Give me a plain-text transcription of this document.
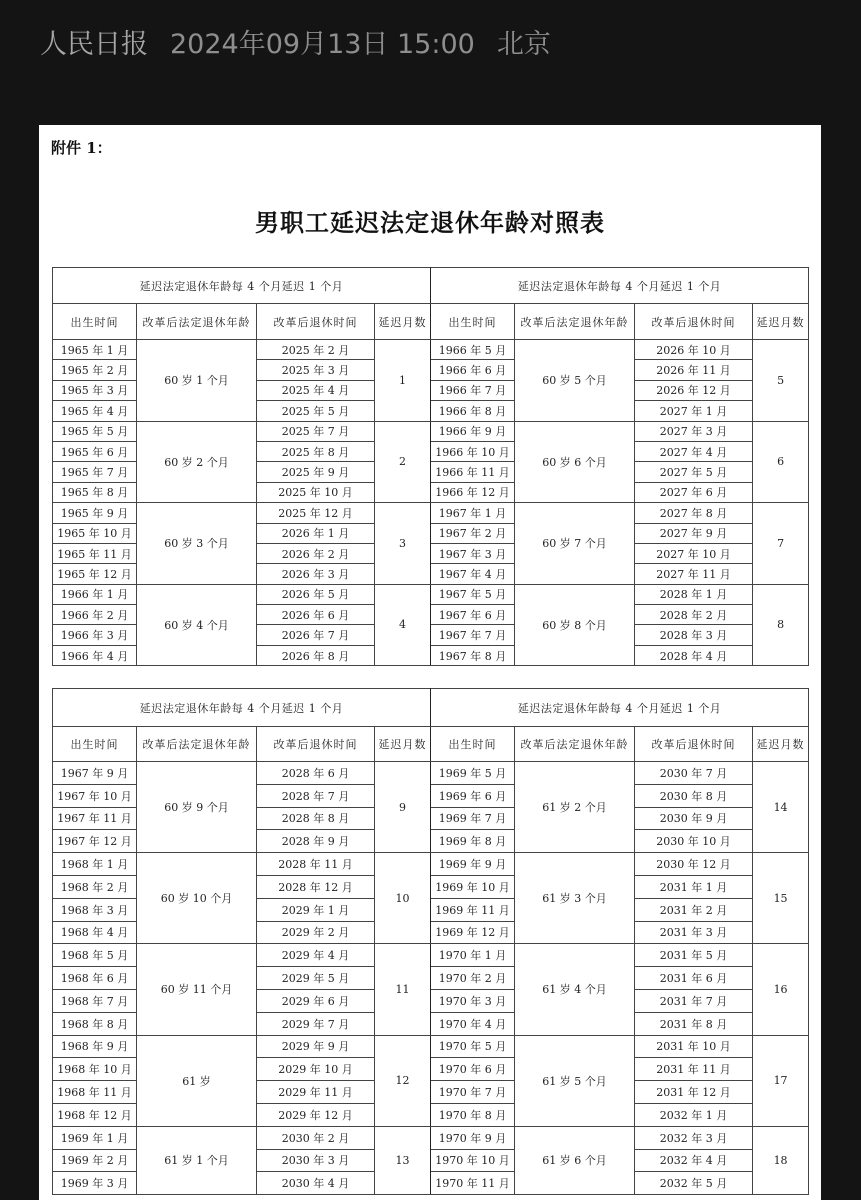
人民日报 2024年09月13日 15:00 北京
附件 1：
男职工延迟法定退休年龄对照表
延迟法定退休年龄每 4 个月延迟 1 个月				延迟法定退休年龄每 4 个月延迟 1 个月			
出生时间	改革后法定退休年龄	改革后退休时间	延迟月数	出生时间	改革后法定退休年龄	改革后退休时间	延迟月数
1965 年 1 月	60 岁 1 个月	2025 年 2 月	1	1966 年 5 月	60 岁 5 个月	2026 年 10 月	5
1965 年 2 月		2025 年 3 月		1966 年 6 月		2026 年 11 月	
1965 年 3 月		2025 年 4 月		1966 年 7 月		2026 年 12 月	
1965 年 4 月		2025 年 5 月		1966 年 8 月		2027 年 1 月	
1965 年 5 月	60 岁 2 个月	2025 年 7 月	2	1966 年 9 月	60 岁 6 个月	2027 年 3 月	6
1965 年 6 月		2025 年 8 月		1966 年 10 月		2027 年 4 月	
1965 年 7 月		2025 年 9 月		1966 年 11 月		2027 年 5 月	
1965 年 8 月		2025 年 10 月		1966 年 12 月		2027 年 6 月	
1965 年 9 月	60 岁 3 个月	2025 年 12 月	3	1967 年 1 月	60 岁 7 个月	2027 年 8 月	7
1965 年 10 月		2026 年 1 月		1967 年 2 月		2027 年 9 月	
1965 年 11 月		2026 年 2 月		1967 年 3 月		2027 年 10 月	
1965 年 12 月		2026 年 3 月		1967 年 4 月		2027 年 11 月	
1966 年 1 月	60 岁 4 个月	2026 年 5 月	4	1967 年 5 月	60 岁 8 个月	2028 年 1 月	8
1966 年 2 月		2026 年 6 月		1967 年 6 月		2028 年 2 月	
1966 年 3 月		2026 年 7 月		1967 年 7 月		2028 年 3 月	
1966 年 4 月		2026 年 8 月		1967 年 8 月		2028 年 4 月	
延迟法定退休年龄每 4 个月延迟 1 个月				延迟法定退休年龄每 4 个月延迟 1 个月			
出生时间	改革后法定退休年龄	改革后退休时间	延迟月数	出生时间	改革后法定退休年龄	改革后退休时间	延迟月数
1967 年 9 月	60 岁 9 个月	2028 年 6 月	9	1969 年 5 月	61 岁 2 个月	2030 年 7 月	14
1967 年 10 月		2028 年 7 月		1969 年 6 月		2030 年 8 月	
1967 年 11 月		2028 年 8 月		1969 年 7 月		2030 年 9 月	
1967 年 12 月		2028 年 9 月		1969 年 8 月		2030 年 10 月	
1968 年 1 月	60 岁 10 个月	2028 年 11 月	10	1969 年 9 月	61 岁 3 个月	2030 年 12 月	15
1968 年 2 月		2028 年 12 月		1969 年 10 月		2031 年 1 月	
1968 年 3 月		2029 年 1 月		1969 年 11 月		2031 年 2 月	
1968 年 4 月		2029 年 2 月		1969 年 12 月		2031 年 3 月	
1968 年 5 月	60 岁 11 个月	2029 年 4 月	11	1970 年 1 月	61 岁 4 个月	2031 年 5 月	16
1968 年 6 月		2029 年 5 月		1970 年 2 月		2031 年 6 月	
1968 年 7 月		2029 年 6 月		1970 年 3 月		2031 年 7 月	
1968 年 8 月		2029 年 7 月		1970 年 4 月		2031 年 8 月	
1968 年 9 月	61 岁	2029 年 9 月	12	1970 年 5 月	61 岁 5 个月	2031 年 10 月	17
1968 年 10 月		2029 年 10 月		1970 年 6 月		2031 年 11 月	
1968 年 11 月		2029 年 11 月		1970 年 7 月		2031 年 12 月	
1968 年 12 月		2029 年 12 月		1970 年 8 月		2032 年 1 月	
1969 年 1 月	61 岁 1 个月	2030 年 2 月	13	1970 年 9 月	61 岁 6 个月	2032 年 3 月	18
1969 年 2 月		2030 年 3 月		1970 年 10 月		2032 年 4 月	
1969 年 3 月		2030 年 4 月		1970 年 11 月		2032 年 5 月	
